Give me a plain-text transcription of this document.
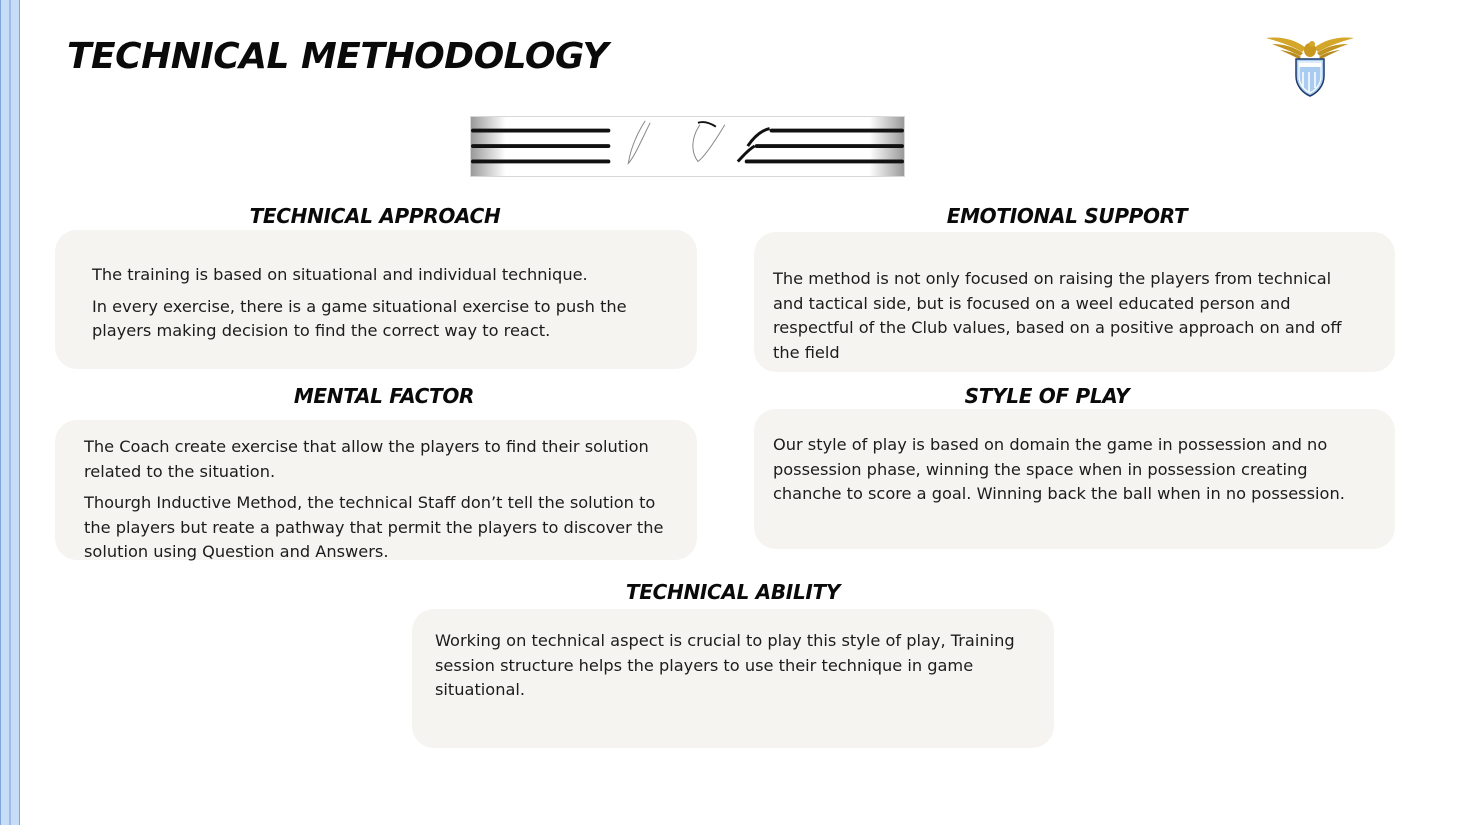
TECHNICAL METHODOLOGY
TECHNICAL APPROACH

The training is based on situational and individual technique.

In every exercise, there is a game situational exercise to push the players making decision to find the correct way to react.

EMOTIONAL SUPPORT

The method is not only focused on raising the players from technical and tactical side, but is focused on a weel educated person and respectful of the Club values, based on a positive approach on and off the field

MENTAL FACTOR

The Coach create exercise that allow the players to find their solution related to the situation.

Thourgh Inductive Method, the technical Staff don’t tell the solution to the players but reate a pathway that permit the players to discover the solution using Question and Answers.

STYLE OF PLAY

Our style of play is based on domain the game in possession and no possession phase, winning the space when in possession creating chanche to score a goal. Winning back the ball when in no possession.

TECHNICAL ABILITY

Working on technical aspect is crucial to play this style of play, Training session structure helps the players to use their technique in game situational.
